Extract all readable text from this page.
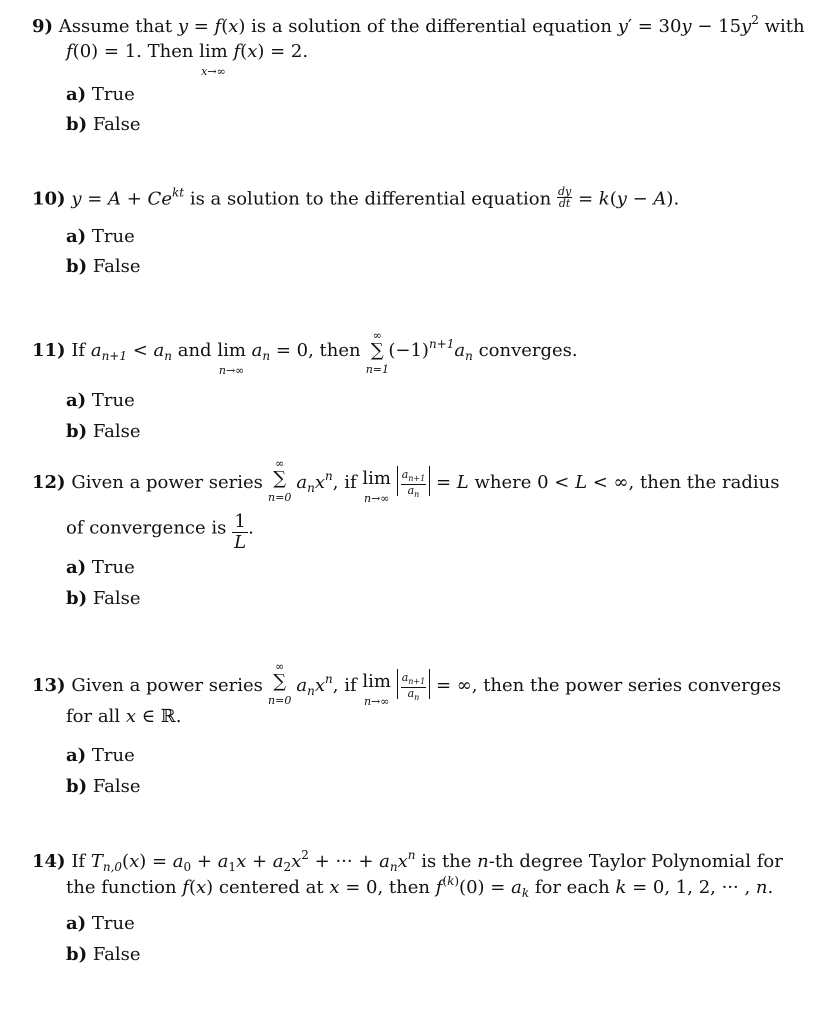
9) Assume that y = f(x) is a solution of the differential equation $y' = 30y - 15y^2$ with
f(0) = 1. Then lim
x→∞
f(x) = 2.
a) True
b) False
10) $y = A + Ce^{kt}$ is a solution to the differential equation $\frac{dy}{dt} = k(y - A)$.
a) True
b) False
11) If $a_{n+1} < a_n$ and lim
n→∞
$a_n = 0$, then ∑
∞
n=1
$(-1)^{n+1}a_n$ converges.
a) True
b) False
12) Given a power series ∑
∞
n=0
$a_nx^n$, if lim
n→∞
$\frac{a_{n+1}}{a_n} = L$ where 0 < L < ∞, then the radius
of convergence is $\frac{1}{L}$ .
a) True
b) False
13) Given a power series ∑
∞
n=0
$a_nx^n$, if lim
n→∞
$\frac{a_{n+1}}{a_n}$ = ∞, then the power series converges
for all x ∈ ℝ.
a) True
b) False
14) If $T_{n,0}(x) = a_0 + a_1x + a_2x^2$ + ··· + $a_nx^n$ is the n-th degree Taylor Polynomial for
the function f(x) centered at x = 0, then $f^{(k)}(0) = a_k$ for each k = 0, 1, 2, ··· , n.
a) True
b) False
